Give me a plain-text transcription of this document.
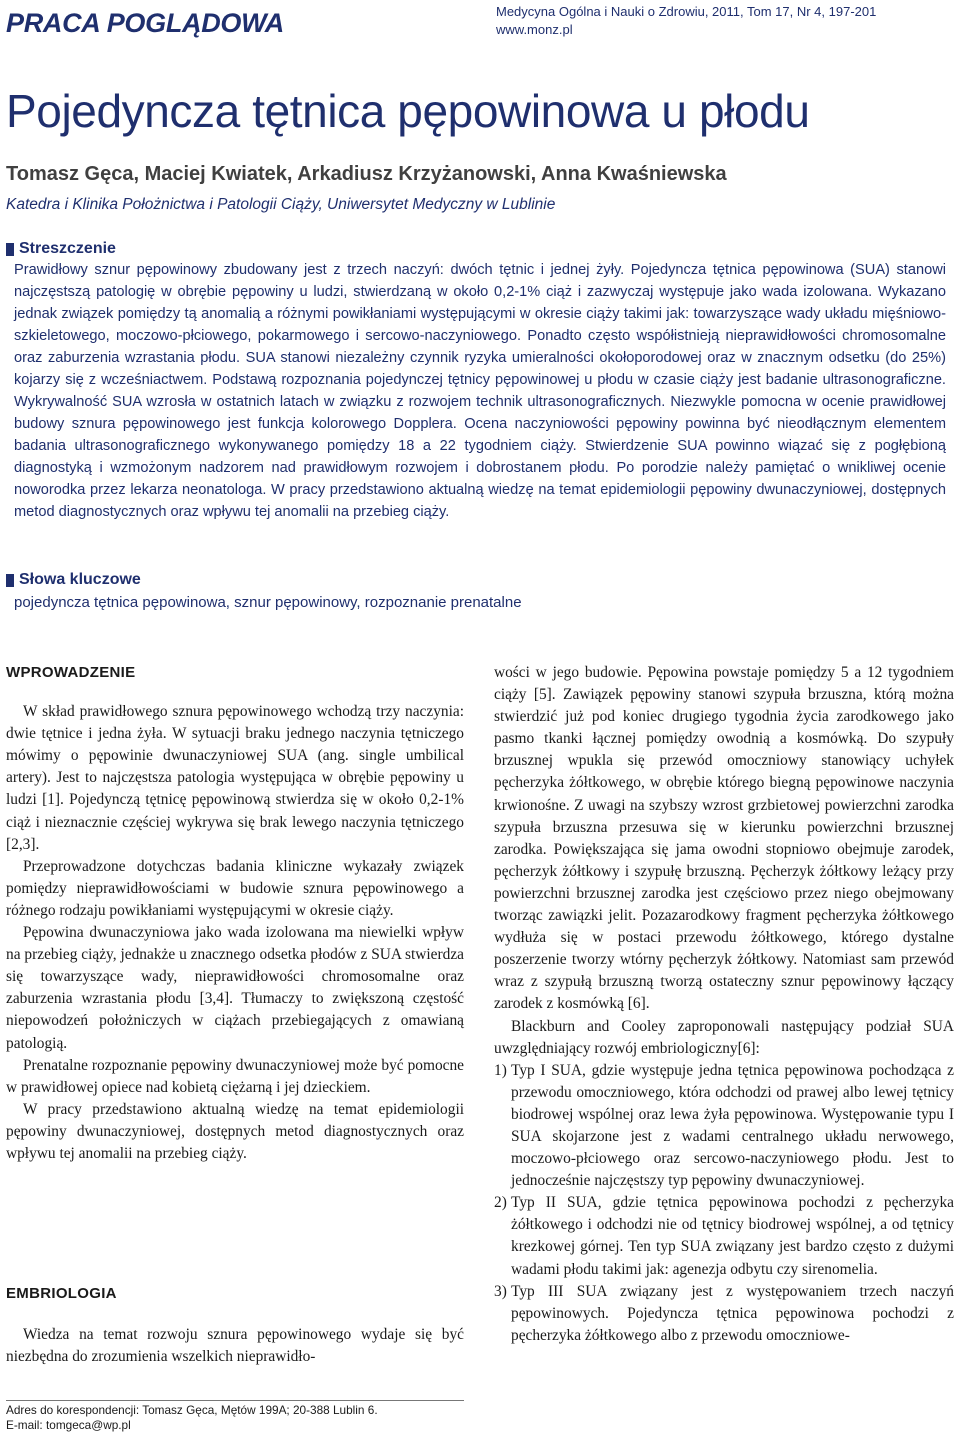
PRACA POGLĄDOWA	Medycyna Ogólna i Nauki o Zdrowiu, 2011, Tom 17, Nr 4, 197-201
www.monz.pl
Pojedyncza tętnica pępowinowa u płodu
Tomasz Gęca, Maciej Kwiatek, Arkadiusz Krzyżanowski, Anna Kwaśniewska
Katedra i Klinika Położnictwa i Patologii Ciąży, Uniwersytet Medyczny w Lublinie
Streszczenie
Prawidłowy sznur pępowinowy zbudowany jest z trzech naczyń: dwóch tętnic i jednej żyły. Pojedyncza tętnica pępowinowa (SUA) stanowi najczęstszą patologię w obrębie pępowiny u ludzi, stwierdzaną w około 0,2-1% ciąż i zazwyczaj występuje jako wada izolowana. Wykazano jednak związek pomiędzy tą anomalią a różnymi powikłaniami występującymi w okresie ciąży takimi jak: towarzyszące wady układu mięśniowo-szkieletowego, moczowo-płciowego, pokarmowego i sercowo-naczyniowego. Ponadto często współistnieją nieprawidłowości chromosomalne oraz zaburzenia wzrastania płodu. SUA stanowi niezależny czynnik ryzyka umieralności okołoporodowej oraz w znacznym odsetku (do 25%) kojarzy się z wcześniactwem. Podstawą rozpoznania pojedynczej tętnicy pępowinowej u płodu w czasie ciąży jest badanie ultrasonograficzne. Wykrywalność SUA wzrosła w ostatnich latach w związku z rozwojem technik ultrasonograficznych. Niezwykle pomocna w ocenie prawidłowej budowy sznura pępowinowego jest funkcja kolorowego Dopplera. Ocena naczyniowości pępowiny powinna być nieodłącznym elementem badania ultrasonograficznego wykonywanego pomiędzy 18 a 22 tygodniem ciąży. Stwierdzenie SUA powinno wiązać się z pogłębioną diagnostyką i wzmożonym nadzorem nad prawidłowym rozwojem i dobrostanem płodu. Po porodzie należy pamiętać o wnikliwej ocenie noworodka przez lekarza neonatologa. W pracy przedstawiono aktualną wiedzę na temat epidemiologii pępowiny dwunaczyniowej, dostępnych metod diagnostycznych oraz wpływu tej anomalii na przebieg ciąży.
Słowa kluczowe
pojedyncza tętnica pępowinowa, sznur pępowinowy, rozpoznanie prenatalne
WPROWADZENIE

W skład prawidłowego sznura pępowinowego wchodzą trzy naczynia: dwie tętnice i jedna żyła. W sytuacji braku jednego naczynia tętniczego mówimy o pępowinie dwunaczyniowej SUA (ang. single umbilical artery). Jest to najczęstsza patologia występująca w obrębie pępowiny u ludzi [1]. Pojedynczą tętnicę pępowinową stwierdza się w około 0,2-1% ciąż i nieznacznie częściej wykrywa się brak lewego naczynia tętniczego [2,3].

Przeprowadzone dotychczas badania kliniczne wykazały związek pomiędzy nieprawidłowościami w budowie sznura pępowinowego a różnego rodzaju powikłaniami występującymi w okresie ciąży.

Pępowina dwunaczyniowa jako wada izolowana ma niewielki wpływ na przebieg ciąży, jednakże u znacznego odsetka płodów z SUA stwierdza się towarzyszące wady, nieprawidłowości chromosomalne oraz zaburzenia wzrastania płodu [3,4]. Tłumaczy to zwiększoną częstość niepowodzeń położniczych w ciążach przebiegających z omawianą patologią.

Prenatalne rozpoznanie pępowiny dwunaczyniowej może być pomocne w prawidłowej opiece nad kobietą ciężarną i jej dzieckiem.

W pracy przedstawiono aktualną wiedzę na temat epidemiologii pępowiny dwunaczyniowej, dostępnych metod diagnostycznych oraz wpływu tej anomalii na przebieg ciąży.

EMBRIOLOGIA

Wiedza na temat rozwoju sznura pępowinowego wydaje się być niezbędna do zrozumienia wszelkich nieprawidło-

Adres do korespondencji: Tomasz Gęca, Mętów 199A; 20-388 Lublin 6.
E-mail: tomgeca@wp.pl

wości w jego budowie. Pępowina powstaje pomiędzy 5 a 12 tygodniem ciąży [5]. Zawiązek pępowiny stanowi szypuła brzuszna, którą można stwierdzić już pod koniec drugiego tygodnia życia zarodkowego jako pasmo tkanki łącznej pomiędzy owodnią a kosmówką. Do szypuły brzusznej wpukla się przewód omoczniowy stanowiący uchyłek pęcherzyka żółtkowego, w obrębie którego biegną pępowinowe naczynia krwionośne. Z uwagi na szybszy wzrost grzbietowej powierzchni zarodka szypuła brzuszna przesuwa się w kierunku powierzchni brzusznej zarodka. Powiększająca się jama owodni stopniowo obejmuje zarodek, pęcherzyk żółtkowy i szypułę brzuszną. Pęcherzyk żółtkowy leżący przy powierzchni brzusznej zarodka jest częściowo przez niego obejmowany tworząc zawiązki jelit. Pozazarodkowy fragment pęcherzyka żółtkowego wydłuża się w postaci przewodu żółtkowego, którego dystalne poszerzenie tworzy wtórny pęcherzyk żółtkowy. Natomiast sam przewód wraz z szypułą brzuszną tworzą ostateczny sznur pępowinowy łączący zarodek z kosmówką [6].

Blackburn and Cooley zaproponowali następujący podział SUA uwzględniający rozwój embriologiczny[6]:

1) Typ I SUA, gdzie występuje jedna tętnica pępowinowa pochodząca z przewodu omoczniowego, która odchodzi od prawej albo lewej tętnicy biodrowej wspólnej oraz lewa żyła pępowinowa. Występowanie typu I SUA skojarzone jest z wadami centralnego układu nerwowego, moczowo-płciowego oraz sercowo-naczyniowego płodu. Jest to jednocześnie najczęstszy typ pępowiny dwunaczyniowej.
2) Typ II SUA, gdzie tętnica pępowinowa pochodzi z pęcherzyka żółtkowego i odchodzi nie od tętnicy biodrowej wspólnej, a od tętnicy krezkowej górnej. Ten typ SUA związany jest bardzo często z dużymi wadami płodu takimi jak: agenezja odbytu czy sirenomelia.
3) Typ III SUA związany jest z występowaniem trzech naczyń pępowinowych. Pojedyncza tętnica pępowinowa pochodzi z pęcherzyka żółtkowego albo z przewodu omoczniowe-
